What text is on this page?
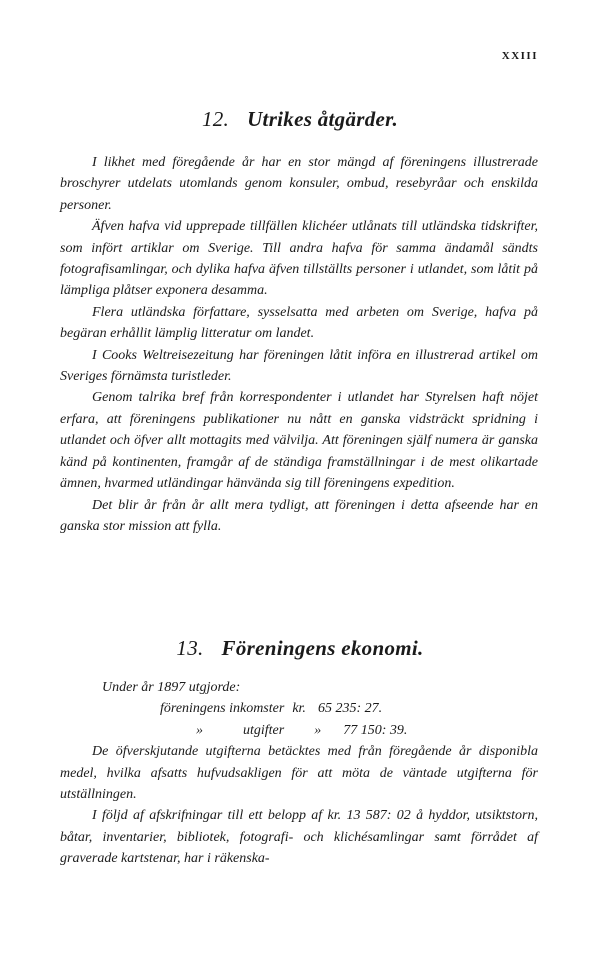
XXIII
12. Utrikes åtgärder.

I likhet med föregående år har en stor mängd af föreningens illustrerade broschyrer utdelats utomlands genom konsuler, ombud, resebyråar och enskilda personer.

Äfven hafva vid upprepade tillfällen klichéer utlånats till utländska tidskrifter, som infört artiklar om Sverige. Till andra hafva för samma ändamål sändts fotografisamlingar, och dylika hafva äfven tillställts personer i utlandet, som låtit på lämpliga plåtser exponera desamma.

Flera utländska författare, sysselsatta med arbeten om Sverige, hafva på begäran erhållit lämplig litteratur om landet.

I Cooks Weltreisezeitung har föreningen låtit införa en illustrerad artikel om Sveriges förnämsta turistleder.

Genom talrika bref från korrespondenter i utlandet har Styrelsen haft nöjet erfara, att föreningens publikationer nu nått en ganska vidsträckt spridning i utlandet och öfver allt mottagits med välvilja. Att föreningen själf numera är ganska känd på kontinenten, framgår af de ständiga framställningar i de mest olikartade ämnen, hvarmed utländingar hänvända sig till föreningens expedition.

Det blir år från år allt mera tydligt, att föreningen i detta afseende har en ganska stor mission att fylla.

13. Föreningens ekonomi.
Under år 1897 utgjorde:
föreningens inkomster kr. 65 235: 27.
»	utgifter » 77 150: 39.

De öfverskjutande utgifterna betäcktes med från föregående år disponibla medel, hvilka afsatts hufvudsakligen för att möta de väntade utgifterna för utställningen.

I följd af afskrifningar till ett belopp af kr. 13 587: 02 å hyddor, utsiktstorn, båtar, inventarier, bibliotek, fotografi- och klichésamlingar samt förrådet af graverade kartstenar, har i räkenska-
